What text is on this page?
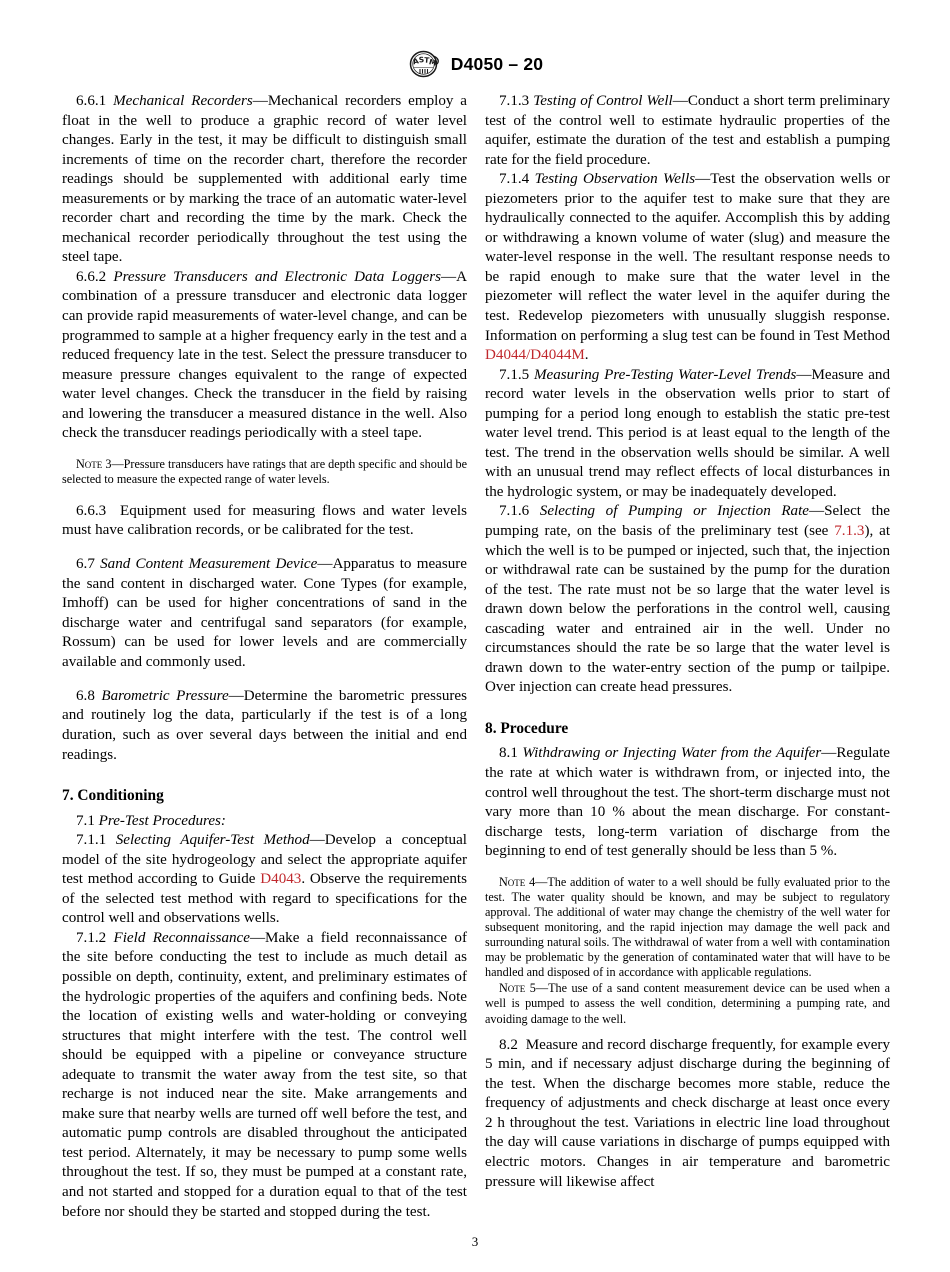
A
S T
M D4050 – 20

6.6.1 Mechanical Recorders—Mechanical recorders employ a float in the well to produce a graphic record of water level changes. Early in the test, it may be difficult to distinguish small increments of time on the recorder chart, therefore the recorder readings should be supplemented with additional early time measurements or by marking the trace of an automatic water-level recorder chart and recording the time by the mark. Check the mechanical recorder periodically throughout the test using the steel tape.

6.6.2 Pressure Transducers and Electronic Data Loggers—A combination of a pressure transducer and electronic data logger can provide rapid measurements of water-level change, and can be programmed to sample at a higher frequency early in the test and a reduced frequency late in the test. Select the pressure transducer to measure pressure changes equivalent to the range of expected water level changes. Check the transducer in the field by raising and lowering the transducer a measured distance in the well. Also check the transducer readings periodically with a steel tape.

Note 3—Pressure transducers have ratings that are depth specific and should be selected to measure the expected range of water levels.

6.6.3 Equipment used for measuring flows and water levels must have calibration records, or be calibrated for the test.

6.7 Sand Content Measurement Device—Apparatus to measure the sand content in discharged water. Cone Types (for example, Imhoff) can be used for higher concentrations of sand in the discharge water and centrifugal sand separators (for example, Rossum) can be used for lower levels and are commercially available and commonly used.

6.8 Barometric Pressure—Determine the barometric pressures and routinely log the data, particularly if the test is of a long duration, such as over several days between the initial and end readings.

7. Conditioning

7.1 Pre-Test Procedures:

7.1.1 Selecting Aquifer-Test Method—Develop a conceptual model of the site hydrogeology and select the appropriate aquifer test method according to Guide D4043. Observe the requirements of the selected test method with regard to specifications for the control well and observations wells.

7.1.2 Field Reconnaissance—Make a field reconnaissance of the site before conducting the test to include as much detail as possible on depth, continuity, extent, and preliminary estimates of the hydrologic properties of the aquifers and confining beds. Note the location of existing wells and water-holding or conveying structures that might interfere with the test. The control well should be equipped with a pipeline or conveyance structure adequate to transmit the water away from the test site, so that recharge is not induced near the site. Make arrangements and make sure that nearby wells are turned off well before the test, and automatic pump controls are disabled throughout the anticipated test period. Alternately, it may be necessary to pump some wells throughout the test. If so, they must be pumped at a constant rate, and not started and stopped for a duration equal to that of the test before nor should they be started and stopped during the test.

7.1.3 Testing of Control Well—Conduct a short term preliminary test of the control well to estimate hydraulic properties of the aquifer, estimate the duration of the test and establish a pumping rate for the field procedure.

7.1.4 Testing Observation Wells—Test the observation wells or piezometers prior to the aquifer test to make sure that they are hydraulically connected to the aquifer. Accomplish this by adding or withdrawing a known volume of water (slug) and measure the water-level response in the well. The resultant response needs to be rapid enough to make sure that the water level in the piezometer will reflect the water level in the aquifer during the test. Redevelop piezometers with unusually sluggish response. Information on performing a slug test can be found in Test Method D4044/D4044M.

7.1.5 Measuring Pre-Testing Water-Level Trends—Measure and record water levels in the observation wells prior to start of pumping for a period long enough to establish the static pre-test water level trend. This period is at least equal to the length of the test. The trend in the observation wells should be similar. A well with an unusual trend may reflect effects of local disturbances in the hydrologic system, or may be inadequately developed.

7.1.6 Selecting of Pumping or Injection Rate—Select the pumping rate, on the basis of the preliminary test (see 7.1.3), at which the well is to be pumped or injected, such that, the injection or withdrawal rate can be sustained by the pump for the duration of the test. The rate must not be so large that the water level is drawn down below the perforations in the control well, causing cascading water and entrained air in the well. Under no circumstances should the rate be so large that the water level is drawn down to the water-entry section of the pump or tailpipe. Over injection can create head pressures.

8. Procedure

8.1 Withdrawing or Injecting Water from the Aquifer—Regulate the rate at which water is withdrawn from, or injected into, the control well throughout the test. The short-term discharge must not vary more than 10 % about the mean discharge. For constant-discharge tests, long-term variation of discharge from the beginning to end of test generally should be less than 5 %.

Note 4—The addition of water to a well should be fully evaluated prior to the test. The water quality should be known, and may be subject to regulatory approval. The additional of water may change the chemistry of the well water for subsequent monitoring, and the rapid injection may damage the well pack and surrounding natural soils. The withdrawal of water from a well with contamination may be problematic by the generation of contaminated water that will have to be handled and disposed of in accordance with applicable regulations.

Note 5—The use of a sand content measurement device can be used when a well is pumped to assess the well condition, determining a pumping rate, and avoiding damage to the well.

8.2 Measure and record discharge frequently, for example every 5 min, and if necessary adjust discharge during the beginning of the test. When the discharge becomes more stable, reduce the frequency of adjustments and check discharge at least once every 2 h throughout the test. Variations in electric line load throughout the day will cause variations in discharge of pumps equipped with electric motors. Changes in air temperature and barometric pressure will likewise affect

3
